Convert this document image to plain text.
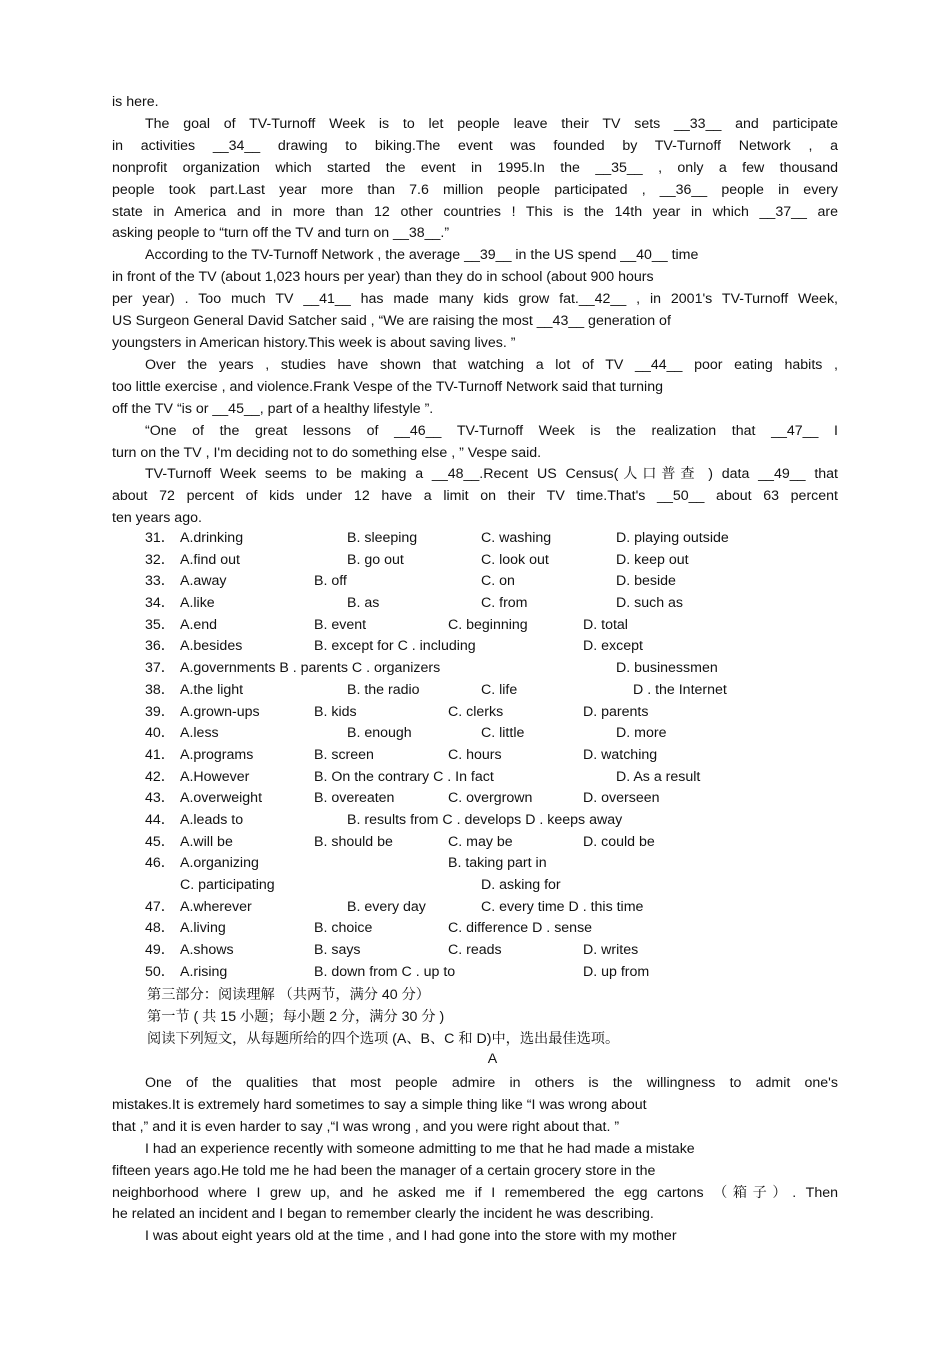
is here.

The goal of TV-Turnoff Week is to let people leave their TV sets __33__ and participate

in activities __34__ drawing to biking.The event was founded by TV-Turnoff Network , a

nonprofit organization which started the event in 1995.In the __35__ , only a few thousand

people took part.Last year more than 7.6 million people participated , __36__ people in every

state in America and in more than 12 other countries ! This is the 14th year in which __37__ are

asking people to “turn off the TV and turn on __38__.”

According to the TV-Turnoff Network , the average __39__ in the US spend __40__ time

in front of the TV (about 1,023 hours per year) than they do in school (about 900 hours

per year) . Too much TV __41__ has made many kids grow fat.__42__ , in 2001's TV-Turnoff Week,

US Surgeon General David Satcher said , “We are raising the most __43__ generation of

youngsters in American history.This week is about saving lives. ”

Over the years , studies have shown that watching a lot of TV __44__ poor eating habits ,

too little exercise , and violence.Frank Vespe of the TV-Turnoff Network said that turning

off the TV “is or __45__, part of a healthy lifestyle ”.

“One of the great lessons of __46__ TV-Turnoff Week is the realization that __47__ I

turn on the TV , I'm deciding not to do something else , ” Vespe said.

TV-Turnoff Week seems to be making a __48__.Recent US Census(人口普查 ) data __49__ that

about 72 percent of kids under 12 have a limit on their TV time.That's __50__ about 63 percent

ten years ago.

31． A.drinking	B. sleeping	C. washing	D. playing outside
32． A.find out	B. go out	C. look out	D. keep out
33． A.away	B. off	C. on	D. beside
34． A.like	B. as	C. from	D. such as
35． A.end	B. event	C. beginning	D. total
36． A.besides	B. except for C . including	D. except
37． A.governments B . parents C . organizers	D. businessmen
38． A.the light	B. the radio	C. life	D . the Internet
39． A.grown-ups	B. kids	C. clerks	D. parents
40． A.less	B. enough	C. little	D. more
41． A.programs	B. screen	C. hours	D. watching
42． A.However	B. On the contrary C . In fact	D. As a result
43． A.overweight	B. overeaten	C. overgrown	D. overseen
44． A.leads to	B. results from C . develops D . keeps away
45． A.will be	B. should be	C. may be	D. could be
46． A.organizing	B. taking part in
C. participating	D. asking for
47． A.wherever	B. every day	C. every time D . this time
48． A.living	B. choice	C. difference D . sense
49． A.shows	B. says	C. reads	D. writes
50． A.rising	B. down from C . up to	D. up from
第三部分：阅读理解 （共两节，满分 40 分）
第一节 ( 共 15 小题；每小题 2 分，满分 30 分 )
阅读下列短文，从每题所给的四个选项 (A、B、C 和 D)中，选出最佳选项。
A

One of the qualities that most people admire in others is the willingness to admit one's

mistakes.It is extremely hard sometimes to say a simple thing like “I was wrong about

that ,” and it is even harder to say ,“I was wrong , and you were right about that. ”

I had an experience recently with someone admitting to me that he had made a mistake

fifteen years ago.He told me he had been the manager of a certain grocery store in the

neighborhood where I grew up, and he asked me if I remembered the egg cartons （箱子）. Then

he related an incident and I began to remember clearly the incident he was describing.

I was about eight years old at the time , and I had gone into the store with my mother
